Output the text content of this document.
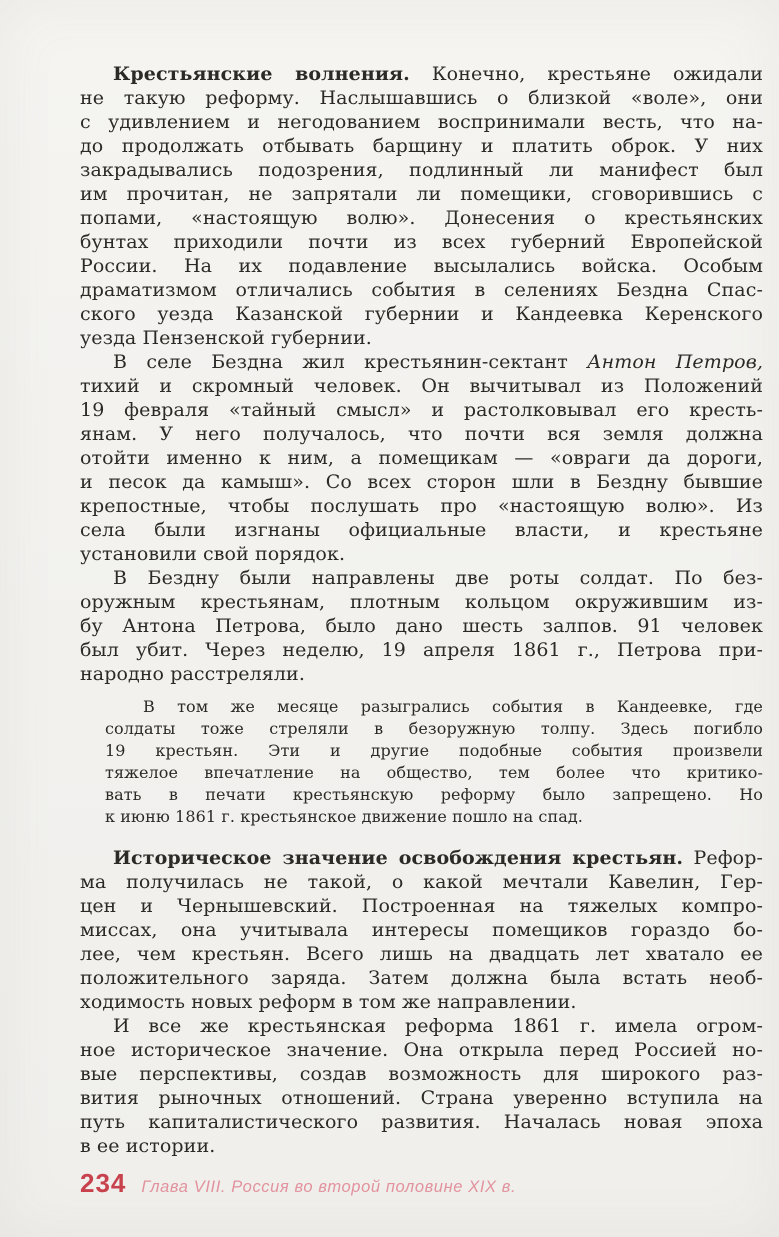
Крестьянские волнения. Конечно, крестьяне ожидали
не такую реформу. Наслышавшись о близкой «воле», они
с удивлением и негодованием воспринимали весть, что на-
до продолжать отбывать барщину и платить оброк. У них
закрадывались подозрения, подлинный ли манифест был
им прочитан, не запрятали ли помещики, сговорившись с
попами, «настоящую волю». Донесения о крестьянских
бунтах приходили почти из всех губерний Европейской
России. На их подавление высылались войска. Особым
драматизмом отличались события в селениях Бездна Спас-
ского уезда Казанской губернии и Кандеевка Керенского
уезда Пензенской губернии.
В селе Бездна жил крестьянин-сектант Антон Петров,
тихий и скромный человек. Он вычитывал из Положений
19 февраля «тайный смысл» и растолковывал его кресть-
янам. У него получалось, что почти вся земля должна
отойти именно к ним, а помещикам — «овраги да дороги,
и песок да камыш». Со всех сторон шли в Бездну бывшие
крепостные, чтобы послушать про «настоящую волю». Из
села были изгнаны официальные власти, и крестьяне
установили свой порядок.
В Бездну были направлены две роты солдат. По без-
оружным крестьянам, плотным кольцом окружившим из-
бу Антона Петрова, было дано шесть залпов. 91 человек
был убит. Через неделю, 19 апреля 1861 г., Петрова при-
народно расстреляли.
В том же месяце разыгрались события в Кандеевке, где
солдаты тоже стреляли в безоружную толпу. Здесь погибло
19 крестьян. Эти и другие подобные события произвели
тяжелое впечатление на общество, тем более что критико-
вать в печати крестьянскую реформу было запрещено. Но
к июню 1861 г. крестьянское движение пошло на спад.
Историческое значение освобождения крестьян. Рефор-
ма получилась не такой, о какой мечтали Кавелин, Гер-
цен и Чернышевский. Построенная на тяжелых компро-
миссах, она учитывала интересы помещиков гораздо бо-
лее, чем крестьян. Всего лишь на двадцать лет хватало ее
положительного заряда. Затем должна была встать необ-
ходимость новых реформ в том же направлении.
И все же крестьянская реформа 1861 г. имела огром-
ное историческое значение. Она открыла перед Россией но-
вые перспективы, создав возможность для широкого раз-
вития рыночных отношений. Страна уверенно вступила на
путь капиталистического развития. Началась новая эпоха
в ее истории.
234 Глава VIII. Россия во второй половине XIX в.
